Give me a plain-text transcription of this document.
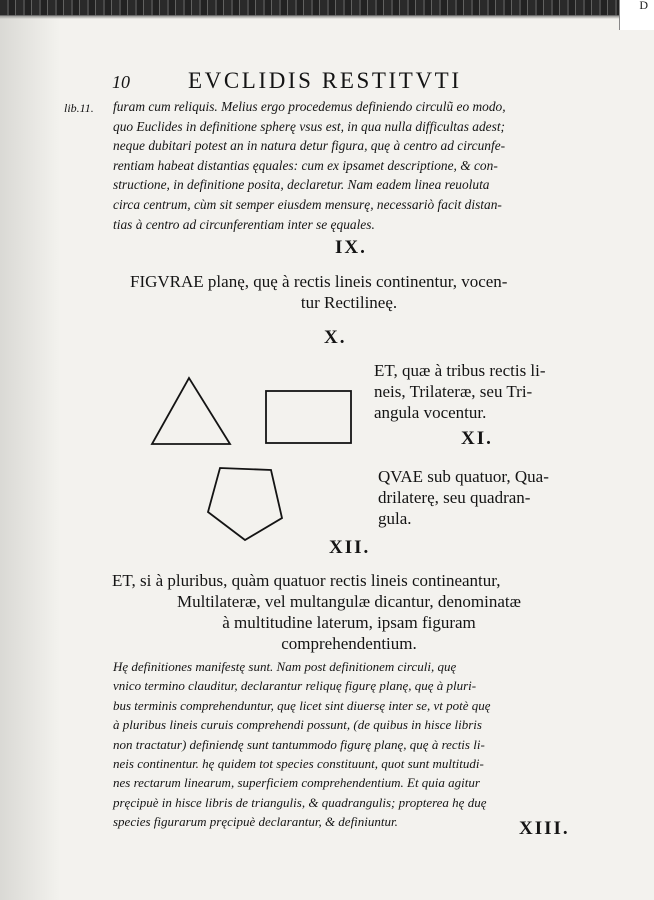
D
10	EVCLIDIS RESTITVTI
lib.11. furam cum reliquis. Melius ergo procedemus definiendo circulũ eo modo,
quo Euclides in definitione spherę vsus est, in qua nulla difficultas adest;
neque dubitari potest an in natura detur figura, quę à centro ad circunfe-
rentiam habeat distantias ęquales: cum ex ipsamet descriptione, & con-
structione, in definitione posita, declaretur. Nam eadem linea reuoluta
circa centrum, cùm sit semper eiusdem mensurę, necessariò facit distan-
tias à centro ad circunferentiam inter se ęquales.
IX.
FIGVRAE planę, quę à rectis lineis continentur, vocen-
tur Rectilineę.
X.
ET, quæ à tribus rectis li-
neis, Trilateræ, seu Tri-
angula vocentur.
XI.
QVAE sub quatuor, Qua-
drilaterę, seu quadran-
gula.
XII.
ET, si à pluribus, quàm quatuor rectis lineis contineantur,
Multilateræ, vel multangulæ dicantur, denominatæ
à multitudine laterum, ipsam figuram
comprehendentium.
Hę definitiones manifestę sunt. Nam post definitionem circuli, quę
vnico termino clauditur, declarantur reliquę figurę planę, quę à pluri-
bus terminis comprehenduntur, quę licet sint diuersę inter se, vt potè quę
à pluribus lineis curuis comprehendi possunt, (de quibus in hisce libris
non tractatur) definiendę sunt tantummodo figurę planę, quę à rectis li-
neis continentur. hę quidem tot species constituunt, quot sunt multitudi-
nes rectarum linearum, superficiem comprehendentium. Et quia agitur
pręcipuè in hisce libris de triangulis, & quadrangulis; propterea hę duę
species figurarum pręcipuè declarantur, & definiuntur.	XIII.
